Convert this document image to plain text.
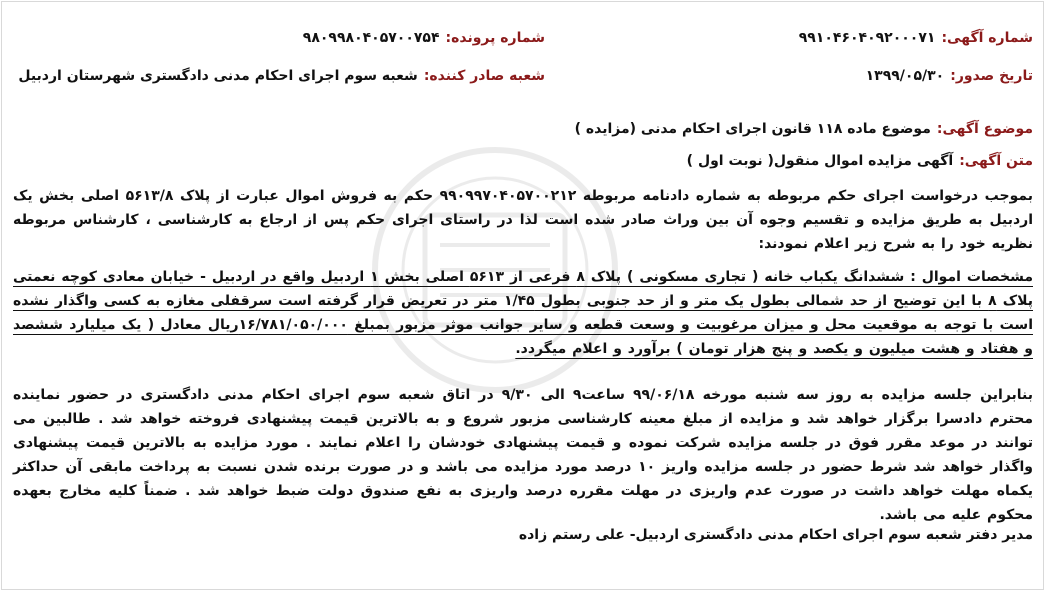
شماره آگهی:
۹۹۱۰۴۶۰۴۰۹۲۰۰۰۷۱
شماره پرونده:
۹۸۰۹۹۸۰۴۰۵۷۰۰۷۵۴
تاریخ صدور:
۱۳۹۹/۰۵/۳۰
شعبه صادر کننده:
شعبه سوم اجرای احکام مدنی دادگستری شهرستان اردبیل
موضوع آگهی:
موضوع ماده ۱۱۸ قانون اجرای احکام مدنی (مزایده )
متن آگهی:
آگهی مزایده اموال منقول( نوبت اول )
بموجب درخواست اجرای حکم مربوطه به شماره دادنامه مربوطه ۹۹۰۹۹۷۰۴۰۵۷۰۰۲۱۲ حکم به فروش اموال عبارت از پلاک ۵۶۱۳/۸ اصلی بخش یک اردبیل به طریق مزایده و تقسیم وجوه آن بین وراث صادر شده است لذا در راستای اجرای حکم پس از ارجاع به کارشناسی ، کارشناس مربوطه نظریه خود را به شرح زیر اعلام نمودند:
مشخصات اموال : ششدانگ یکباب خانه ( تجاری مسکونی ) پلاک ۸ فرعی از ۵۶۱۳ اصلی بخش ۱ اردبیل واقع در اردبیل - خیابان معادی کوچه نعمتی پلاک ۸ با این توضیح از حد شمالی بطول یک متر و از حد جنوبی بطول ۱/۴۵ متر در تعریض قرار گرفته است سرقفلی مغازه به کسی واگذار نشده است با توجه به موقعیت محل و میزان مرغوبیت و وسعت قطعه و سایر جوانب موثر مزبور بمبلغ ۱۶/۷۸۱/۰۵۰/۰۰۰ریال معادل ( یک میلیارد ششصد و هفتاد و هشت میلیون و یکصد و پنج هزار تومان ) برآورد و اعلام میگردد.
بنابراین جلسه مزایده به روز سه شنبه مورخه ۹۹/۰۶/۱۸ ساعت۹ الی ۹/۳۰ در اتاق شعبه سوم اجرای احکام مدنی دادگستری در حضور نماینده محترم دادسرا برگزار خواهد شد و مزایده از مبلغ معینه کارشناسی مزبور شروع و به بالاترین قیمت پیشنهادی فروخته خواهد شد . طالبین می توانند در موعد مقرر فوق در جلسه مزایده شرکت نموده و قیمت پیشنهادی خودشان را اعلام نمایند . مورد مزایده به بالاترین قیمت پیشنهادی واگذار خواهد شد شرط حضور در جلسه مزایده واریز ۱۰ درصد مورد مزایده می باشد و در صورت برنده شدن نسبت به پرداخت مابقی آن حداکثر یکماه مهلت خواهد داشت در صورت عدم واریزی در مهلت مقرره درصد واریزی به نفع صندوق دولت ضبط خواهد شد . ضمناً کلیه مخارج بعهده محکوم علیه می باشد.
مدیر دفتر شعبه سوم اجرای احکام مدنی دادگستری اردبیل- علی رستم زاده
